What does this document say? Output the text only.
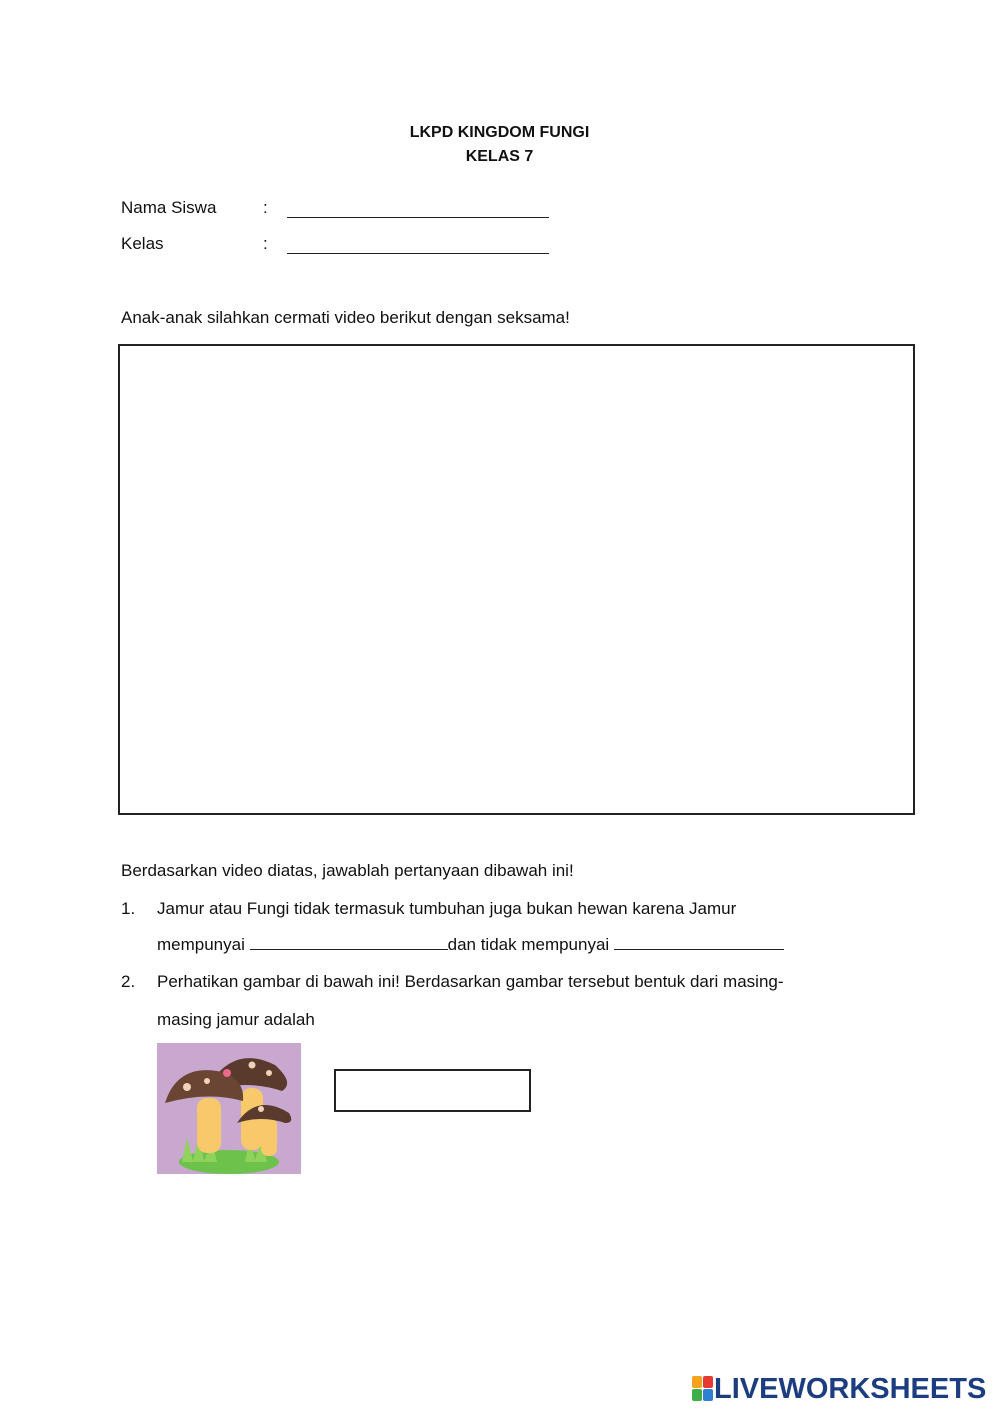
LKPD KINGDOM FUNGI
KELAS 7
Nama Siswa	:
Kelas	:
Anak-anak silahkan cermati video berikut dengan seksama!
Berdasarkan video diatas, jawablah pertanyaan dibawah ini!
1. Jamur atau Fungi tidak termasuk tumbuhan juga bukan hewan karena Jamur
mempunyai	dan tidak mempunyai
2. Perhatikan gambar di bawah ini! Berdasarkan gambar tersebut bentuk dari masing-
masing jamur adalah
LIVEWORKSHEETS
